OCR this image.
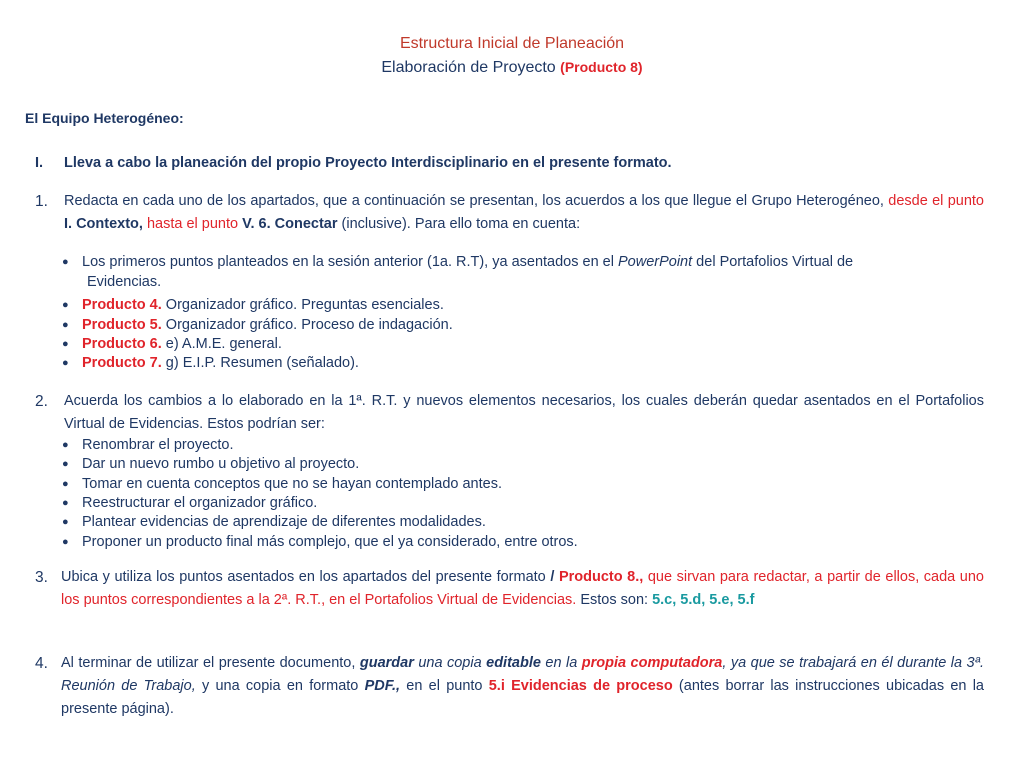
Estructura Inicial de Planeación
Elaboración de Proyecto (Producto 8)
El Equipo Heterogéneo:
I. Lleva a cabo la planeación del propio Proyecto Interdisciplinario en el presente formato.
1. Redacta en cada uno de los apartados, que a continuación se presentan, los acuerdos a los que llegue el Grupo Heterogéneo, desde el punto I. Contexto, hasta el punto V. 6. Conectar (inclusive). Para ello toma en cuenta:
● Los primeros puntos planteados en la sesión anterior (1a. R.T), ya asentados en el PowerPoint del Portafolios Virtual de
Evidencias.
● Producto 4. Organizador gráfico. Preguntas esenciales.
● Producto 5. Organizador gráfico. Proceso de indagación.
● Producto 6. e) A.M.E. general.
● Producto 7. g) E.I.P. Resumen (señalado).
2. Acuerda los cambios a lo elaborado en la 1ª. R.T. y nuevos elementos necesarios, los cuales deberán quedar asentados en el Portafolios Virtual de Evidencias. Estos podrían ser:
● Renombrar el proyecto.
● Dar un nuevo rumbo u objetivo al proyecto.
● Tomar en cuenta conceptos que no se hayan contemplado antes.
● Reestructurar el organizador gráfico.
● Plantear evidencias de aprendizaje de diferentes modalidades.
● Proponer un producto final más complejo, que el ya considerado, entre otros.
3. Ubica y utiliza los puntos asentados en los apartados del presente formato / Producto 8., que sirvan para redactar, a partir de ellos, cada uno los puntos correspondientes a la 2ª. R.T., en el Portafolios Virtual de Evidencias. Estos son: 5.c, 5.d, 5.e, 5.f
4. Al terminar de utilizar el presente documento, guardar una copia editable en la propia computadora, ya que se trabajará en él durante la 3ª. Reunión de Trabajo, y una copia en formato PDF., en el punto 5.i Evidencias de proceso (antes borrar las instrucciones ubicadas en la presente página).
